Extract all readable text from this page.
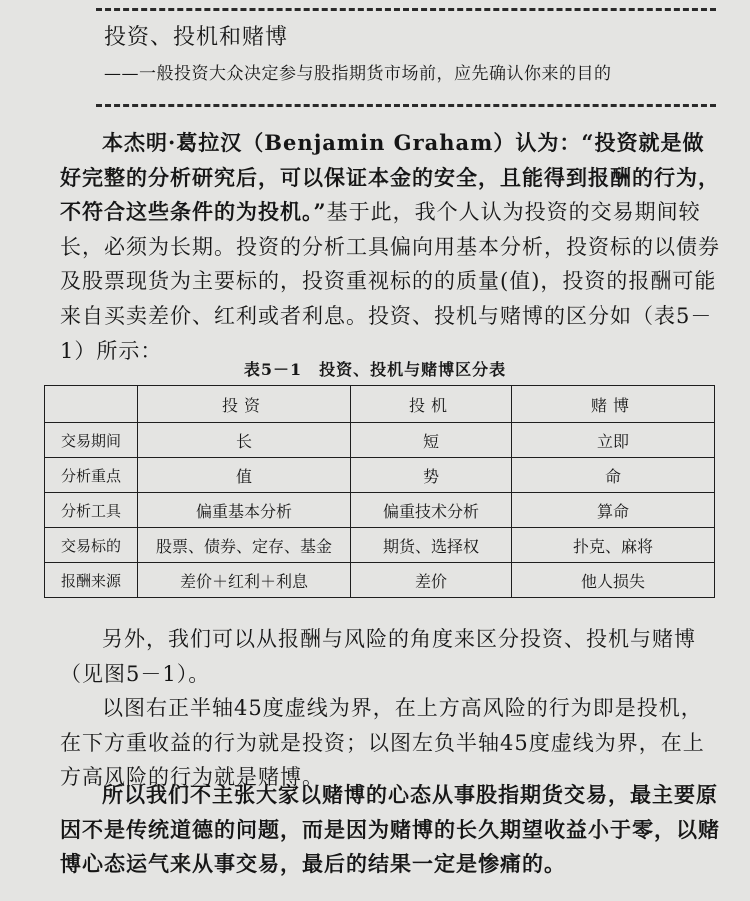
投资、投机和赌博
——一般投资大众决定参与股指期货市场前，应先确认你来的目的

本杰明·葛拉汉（Benjamin Graham）认为：“投资就是做好完整的分析研究后，可以保证本金的安全，且能得到报酬的行为，不符合这些条件的为投机。”基于此，我个人认为投资的交易期间较长，必须为长期。投资的分析工具偏向用基本分析，投资标的以债券及股票现货为主要标的，投资重视标的的质量(值)，投资的报酬可能来自买卖差价、红利或者利息。投资、投机与赌博的区分如（表5－1）所示：

表5－1　投资、投机与赌博区分表
	投资	投机	赌博
交易期间	长	短	立即
分析重点	值	势	命
分析工具	偏重基本分析	偏重技术分析	算命
交易标的	股票、债券、定存、基金	期货、选择权	扑克、麻将
报酬来源	差价＋红利＋利息	差价	他人损失

另外，我们可以从报酬与风险的角度来区分投资、投机与赌博（见图5－1）。

以图右正半轴45度虚线为界，在上方高风险的行为即是投机，在下方重收益的行为就是投资；以图左负半轴45度虚线为界，在上方高风险的行为就是赌博。

所以我们不主张大家以赌博的心态从事股指期货交易，最主要原因不是传统道德的问题，而是因为赌博的长久期望收益小于零，以赌博心态运气来从事交易，最后的结果一定是惨痛的。
